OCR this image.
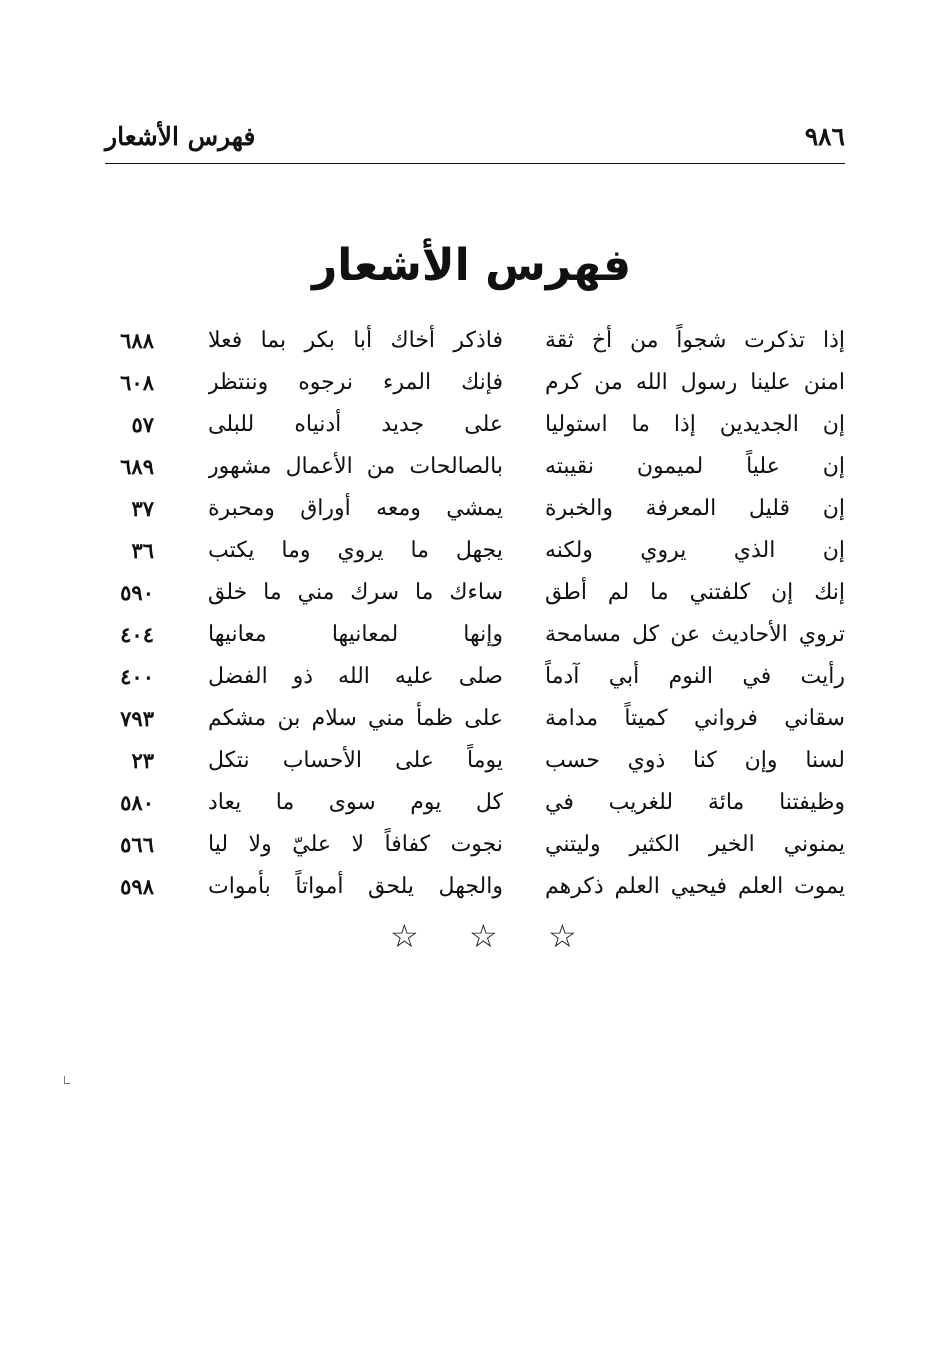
٩٨٦
فهرس الأشعار
فهرس الأشعار
إذا تذكرت شجواً من أخ ثقة
فاذكر أخاك أبا بكر بما فعلا
٦٨٨
امنن علينا رسول الله من كرم
فإنك المرء نرجوه وننتظر
٦٠٨
إن الجديدين إذا ما استوليا
على جديد أدنياه للبلى
٥٧
إن علياً لميمون نقيبته
بالصالحات من الأعمال مشهور
٦٨٩
إن قليل المعرفة والخبرة
يمشي ومعه أوراق ومحبرة
٣٧
إن الذي يروي ولكنه
يجهل ما يروي وما يكتب
٣٦
إنك إن كلفتني ما لم أطق
ساءك ما سرك مني ما خلق
٥٩٠
تروي الأحاديث عن كل مسامحة
وإنها لمعانيها معانيها
٤٠٤
رأيت في النوم أبي آدماً
صلى عليه الله ذو الفضل
٤٠٠
سقاني فرواني كميتاً مدامة
على ظمأ مني سلام بن مشكم
٧٩٣
لسنا وإن كنا ذوي حسب
يوماً على الأحساب نتكل
٢٣
وظيفتنا مائة للغريب في
كل يوم سوى ما يعاد
٥٨٠
يمنوني الخير الكثير وليتني
نجوت كفافاً لا عليّ ولا ليا
٥٦٦
يموت العلم فيحيي العلم ذكرهم
والجهل يلحق أمواتاً بأموات
٥٩٨
☆
☆
☆
